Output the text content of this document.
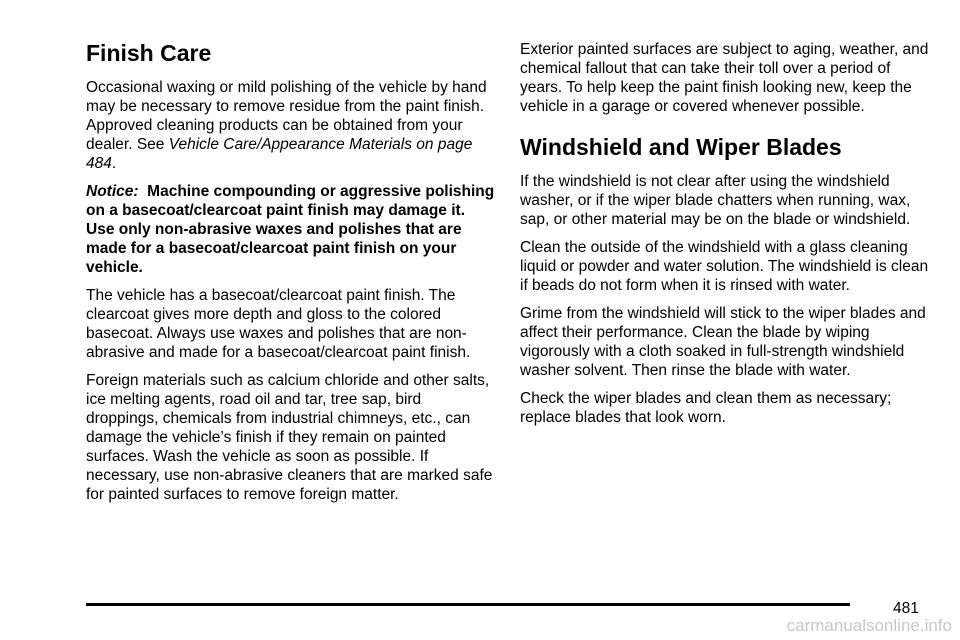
Finish Care

Occasional waxing or mild polishing of the vehicle by hand may be necessary to remove residue from the paint finish. Approved cleaning products can be obtained from your dealer. See Vehicle Care/Appearance Materials on page 484.

Notice: Machine compounding or aggressive polishing on a basecoat/clearcoat paint finish may damage it. Use only non-abrasive waxes and polishes that are made for a basecoat/clearcoat paint finish on your vehicle.

The vehicle has a basecoat/clearcoat paint finish. The clearcoat gives more depth and gloss to the colored basecoat. Always use waxes and polishes that are non-abrasive and made for a basecoat/clearcoat paint finish.

Foreign materials such as calcium chloride and other salts, ice melting agents, road oil and tar, tree sap, bird droppings, chemicals from industrial chimneys, etc., can damage the vehicle’s finish if they remain on painted surfaces. Wash the vehicle as soon as possible. If necessary, use non-abrasive cleaners that are marked safe for painted surfaces to remove foreign matter.

Exterior painted surfaces are subject to aging, weather, and chemical fallout that can take their toll over a period of years. To help keep the paint finish looking new, keep the vehicle in a garage or covered whenever possible.

Windshield and Wiper Blades

If the windshield is not clear after using the windshield washer, or if the wiper blade chatters when running, wax, sap, or other material may be on the blade or windshield.

Clean the outside of the windshield with a glass cleaning liquid or powder and water solution. The windshield is clean if beads do not form when it is rinsed with water.

Grime from the windshield will stick to the wiper blades and affect their performance. Clean the blade by wiping vigorously with a cloth soaked in full-strength windshield washer solvent. Then rinse the blade with water.

Check the wiper blades and clean them as necessary; replace blades that look worn.

481
carmanualsonline.info
